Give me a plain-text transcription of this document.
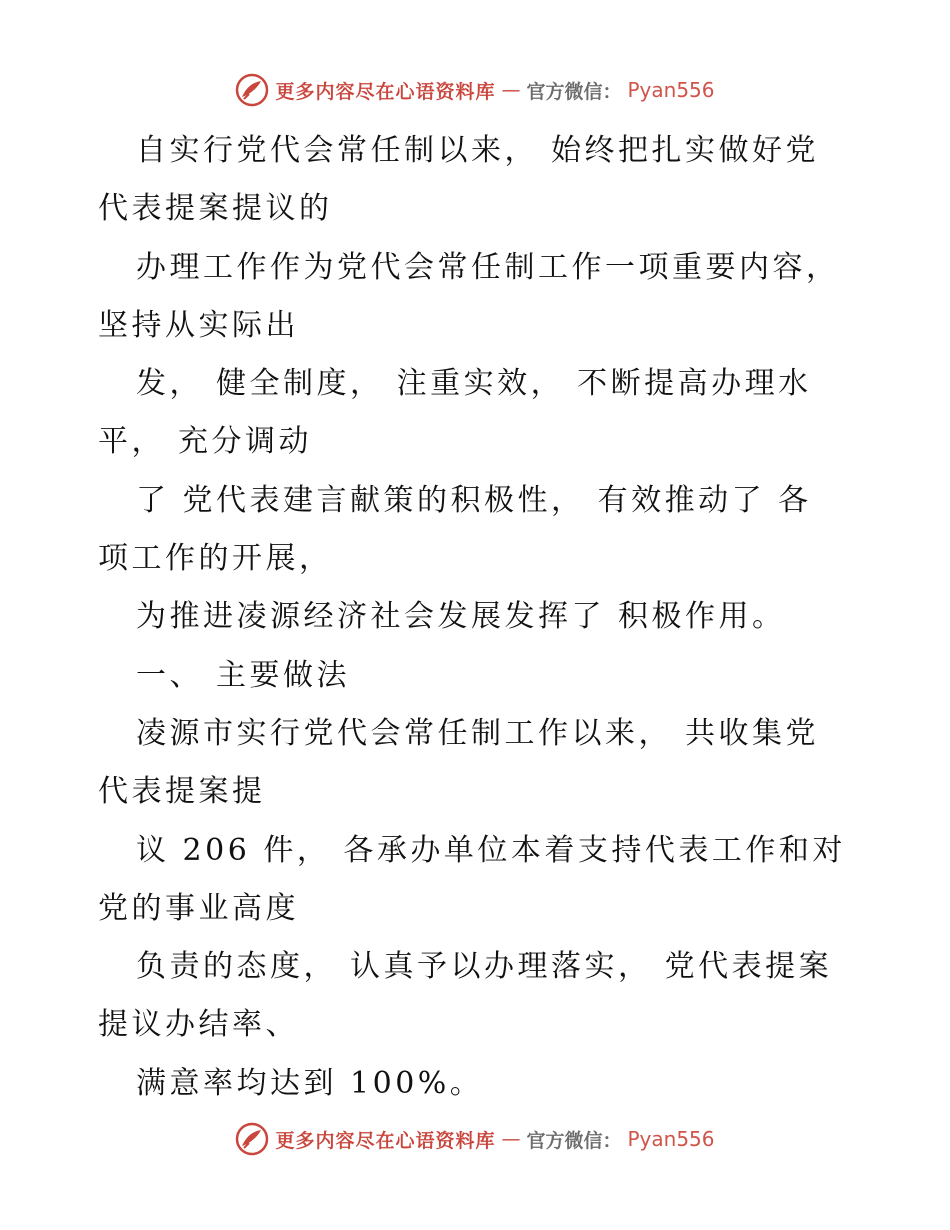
更多内容尽在心语资料库 — 官方微信： Pyan556
自实行党代会常任制以来， 始终把扎实做好党
代表提案提议的
办理工作作为党代会常任制工作一项重要内容，
坚持从实际出
发， 健全制度， 注重实效， 不断提高办理水
平， 充分调动
了 党代表建言献策的积极性， 有效推动了 各
项工作的开展，
为推进凌源经济社会发展发挥了 积极作用。
一、 主要做法
凌源市实行党代会常任制工作以来， 共收集党
代表提案提
议 206 件， 各承办单位本着支持代表工作和对
党的事业高度
负责的态度， 认真予以办理落实， 党代表提案
提议办结率、
满意率均达到 100%。
更多内容尽在心语资料库 — 官方微信： Pyan556
